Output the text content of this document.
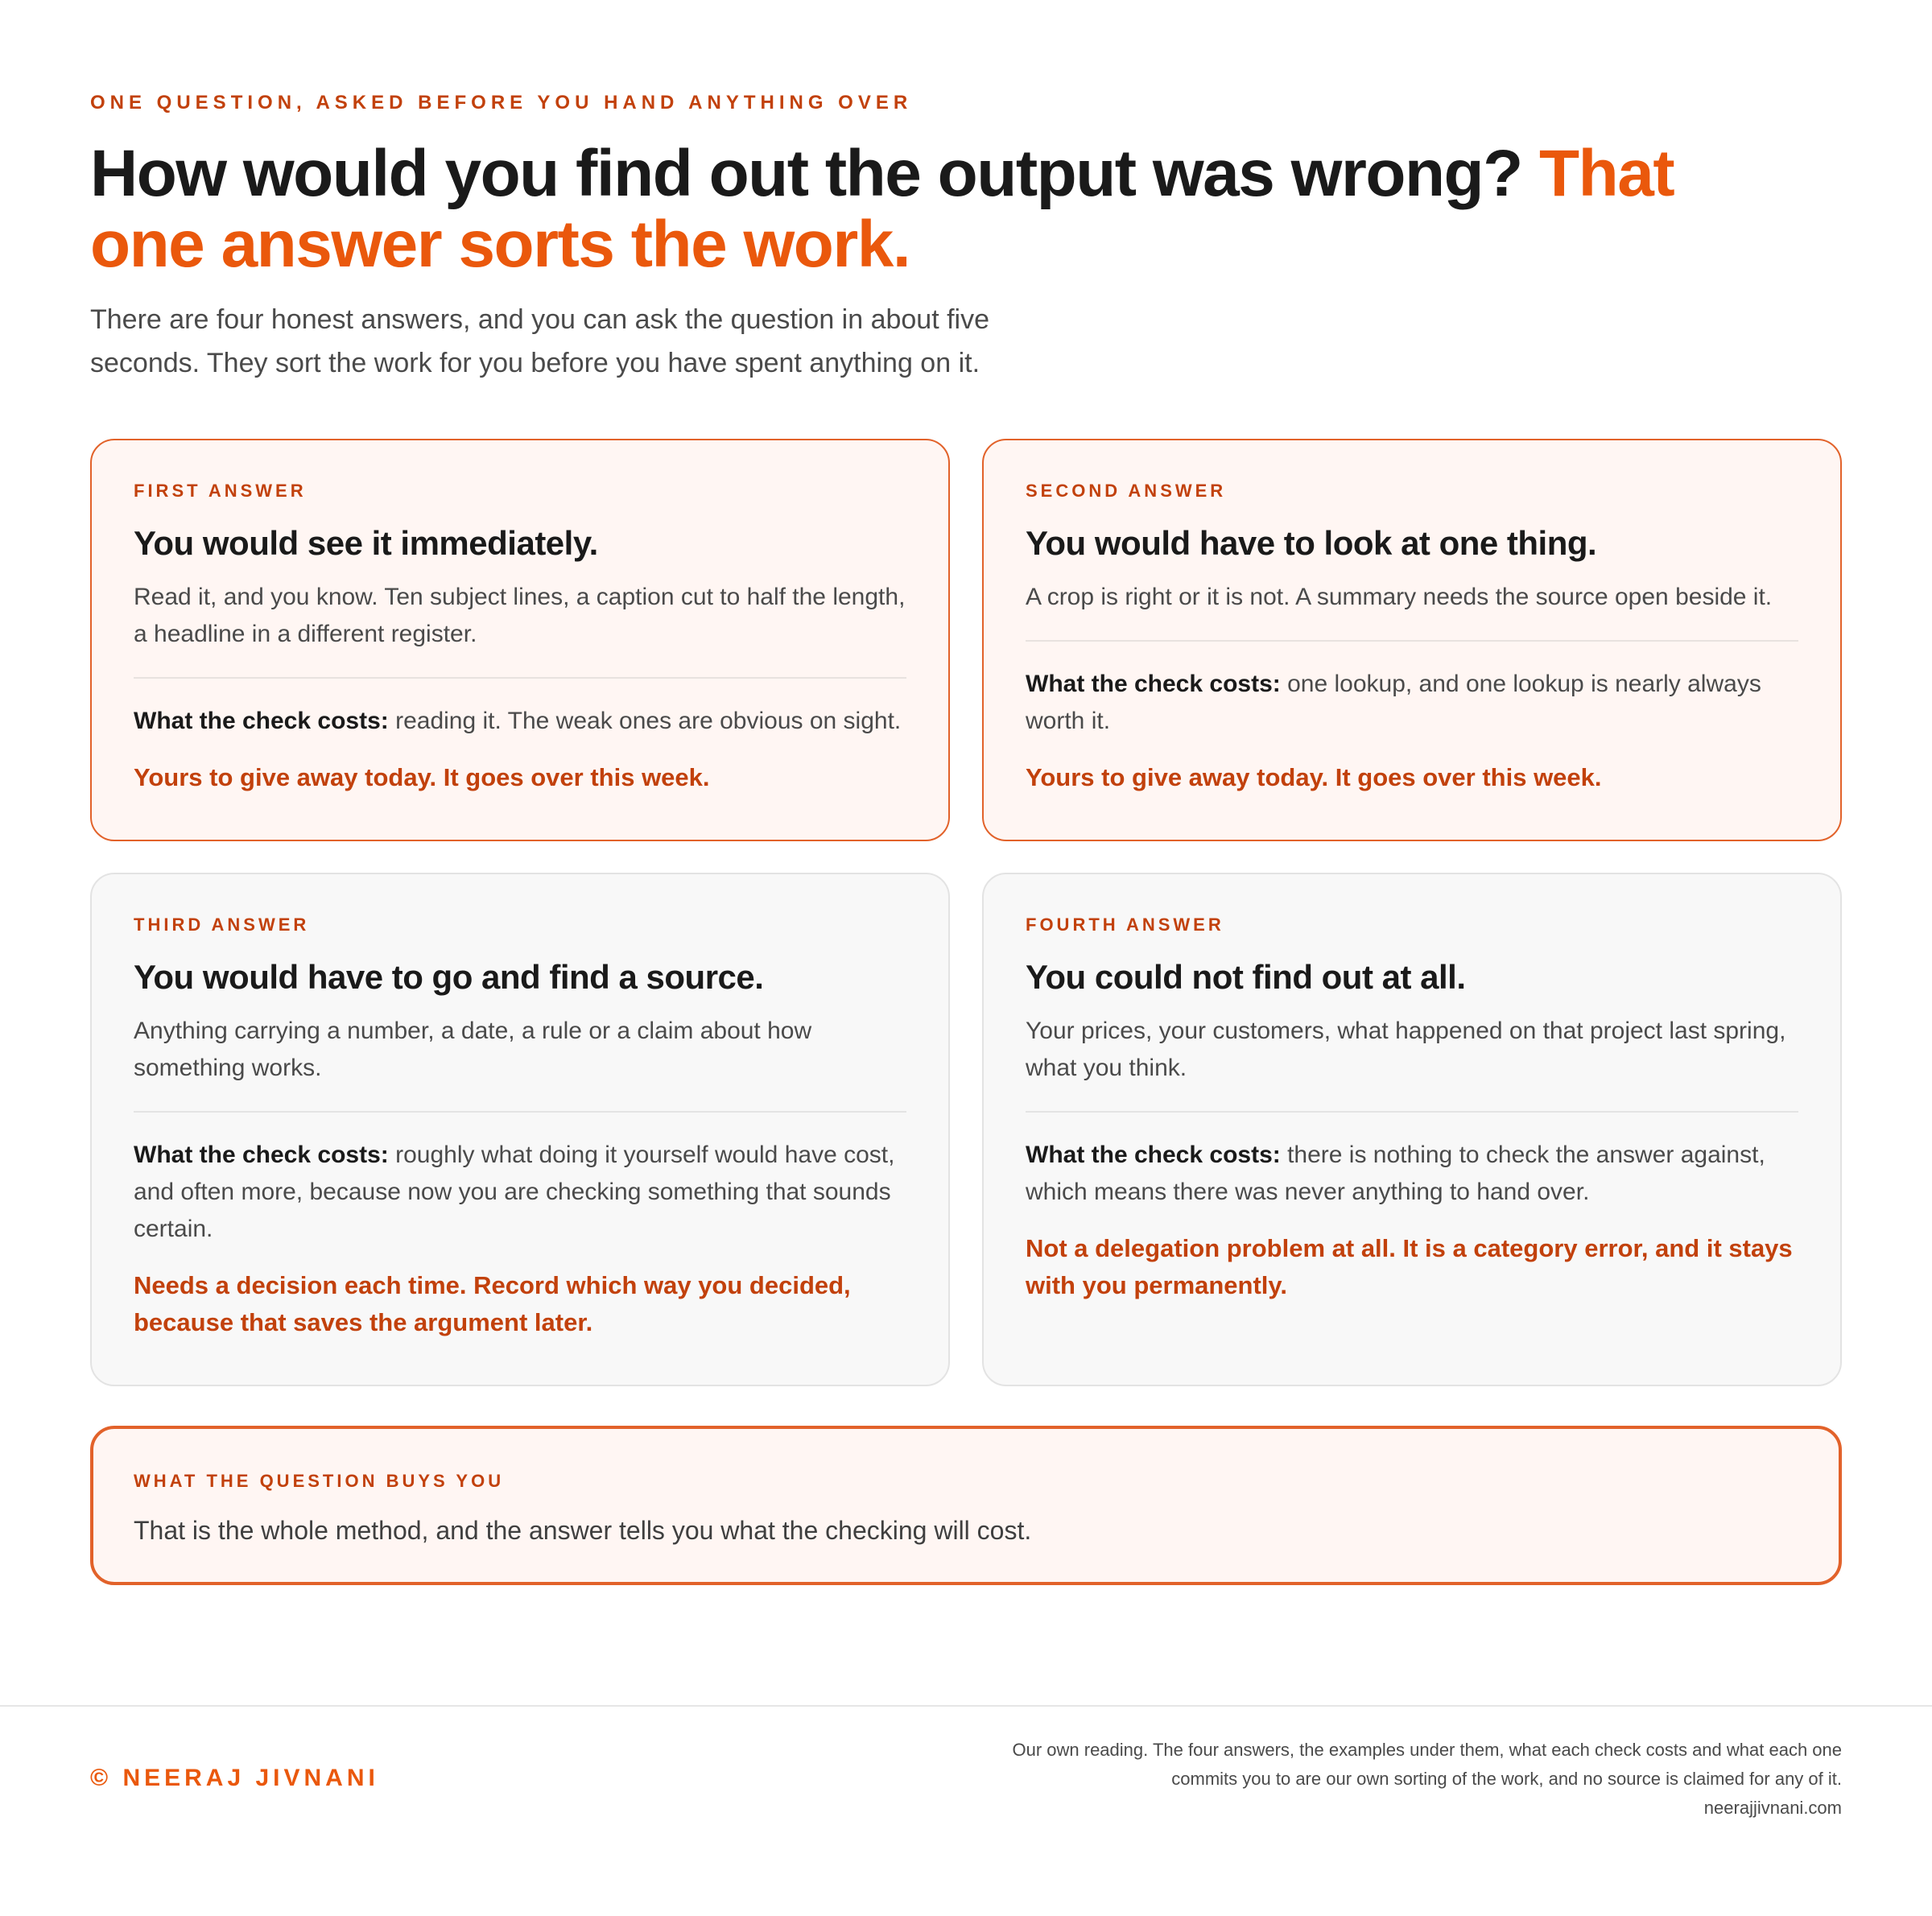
ONE QUESTION, ASKED BEFORE YOU HAND ANYTHING OVER
How would you find out the output was wrong? That one answer sorts the work.

There are four honest answers, and you can ask the question in about five seconds. They sort the work for you before you have spent anything on it.

FIRST ANSWER
You would see it immediately.

Read it, and you know. Ten subject lines, a caption cut to half the length, a headline in a different register.

What the check costs: reading it. The weak ones are obvious on sight.

Yours to give away today. It goes over this week.

SECOND ANSWER
You would have to look at one thing.

A crop is right or it is not. A summary needs the source open beside it.

What the check costs: one lookup, and one lookup is nearly always worth it.

Yours to give away today. It goes over this week.

THIRD ANSWER
You would have to go and find a source.

Anything carrying a number, a date, a rule or a claim about how something works.

What the check costs: roughly what doing it yourself would have cost, and often more, because now you are checking something that sounds certain.

Needs a decision each time. Record which way you decided, because that saves the argument later.

FOURTH ANSWER
You could not find out at all.

Your prices, your customers, what happened on that project last spring, what you think.

What the check costs: there is nothing to check the answer against, which means there was never anything to hand over.

Not a delegation problem at all. It is a category error, and it stays with you permanently.

WHAT THE QUESTION BUYS YOU

That is the whole method, and the answer tells you what the checking will cost.

© NEERAJ JIVNANI

Our own reading. The four answers, the examples under them, what each check costs and what each one commits you to are our own sorting of the work, and no source is claimed for any of it.

neerajjivnani.com
